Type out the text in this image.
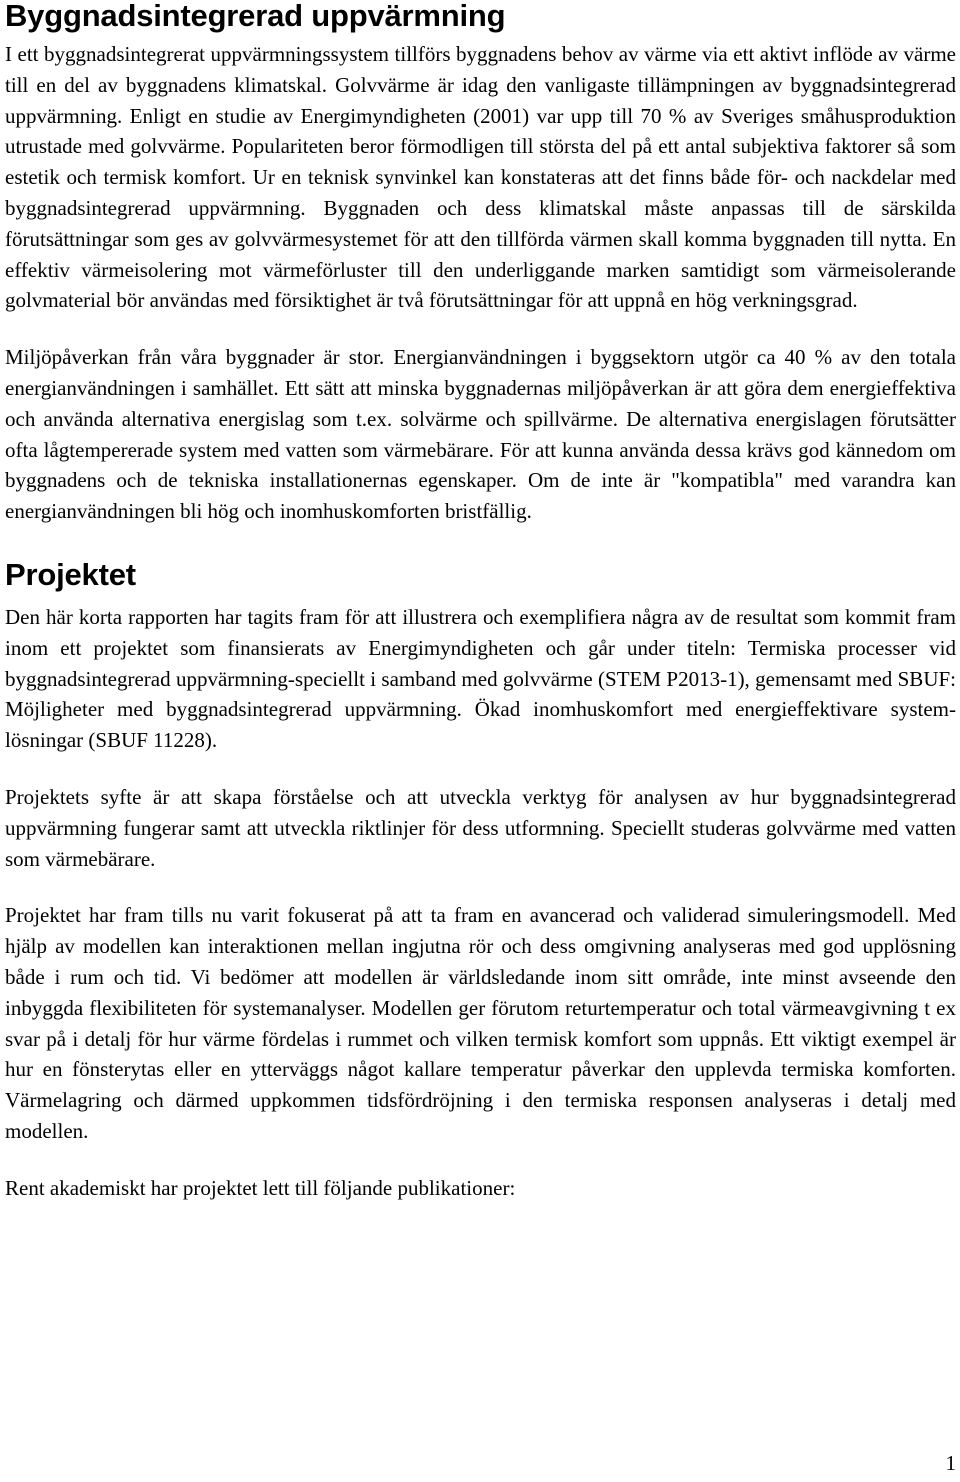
Byggnadsintegrerad uppvärmning

I ett byggnadsintegrerat uppvärmningssystem tillförs byggnadens behov av värme via ett aktivt inflöde av värme till en del av byggnadens klimatskal. Golvvärme är idag den vanligaste tillämpningen av byggnadsintegrerad uppvärmning. Enligt en studie av Energimyndigheten (2001) var upp till 70 % av Sveriges småhusproduktion utrustade med golvvärme. Populariteten beror förmodligen till största del på ett antal subjektiva faktorer så som estetik och termisk komfort. Ur en teknisk synvinkel kan konstateras att det finns både för- och nackdelar med byggnadsintegrerad uppvärmning. Byggnaden och dess klimatskal måste anpassas till de särskilda förutsättningar som ges av golvvärmesystemet för att den tillförda värmen skall komma byggnaden till nytta. En effektiv värmeisolering mot värmeförluster till den underliggande marken samtidigt som värmeisolerande golvmaterial bör användas med försiktighet är två förutsättningar för att uppnå en hög verkningsgrad.

Miljöpåverkan från våra byggnader är stor. Energianvändningen i byggsektorn utgör ca 40 % av den totala energianvändningen i samhället. Ett sätt att minska byggnadernas miljöpåverkan är att göra dem energieffektiva och använda alternativa energislag som t.ex. solvärme och spillvärme. De alternativa energislagen förutsätter ofta lågtempererade system med vatten som värmebärare. För att kunna använda dessa krävs god kännedom om byggnadens och de tekniska installationernas egenskaper. Om de inte är "kompatibla" med varandra kan energianvändningen bli hög och inomhuskomforten bristfällig.

Projektet

Den här korta rapporten har tagits fram för att illustrera och exemplifiera några av de resultat som kommit fram inom ett projektet som finansierats av Energimyndigheten och går under titeln: Termiska processer vid byggnadsintegrerad uppvärmning-speciellt i samband med golvvärme (STEM P2013-1), gemensamt med SBUF: Möjligheter med byggnadsintegrerad uppvärmning. Ökad inomhuskomfort med energieffektivare system-lösningar (SBUF 11228).

Projektets syfte är att skapa förståelse och att utveckla verktyg för analysen av hur byggnadsintegrerad uppvärmning fungerar samt att utveckla riktlinjer för dess utformning. Speciellt studeras golvvärme med vatten som värmebärare.

Projektet har fram tills nu varit fokuserat på att ta fram en avancerad och validerad simuleringsmodell. Med hjälp av modellen kan interaktionen mellan ingjutna rör och dess omgivning analyseras med god upplösning både i rum och tid. Vi bedömer att modellen är världsledande inom sitt område, inte minst avseende den inbyggda flexibiliteten för systemanalyser. Modellen ger förutom returtemperatur och total värmeavgivning t ex svar på i detalj för hur värme fördelas i rummet och vilken termisk komfort som uppnås. Ett viktigt exempel är hur en fönsterytas eller en ytterväggs något kallare temperatur påverkar den upplevda termiska komforten. Värmelagring och därmed uppkommen tidsfördröjning i den termiska responsen analyseras i detalj med modellen.

Rent akademiskt har projektet lett till följande publikationer:

1
